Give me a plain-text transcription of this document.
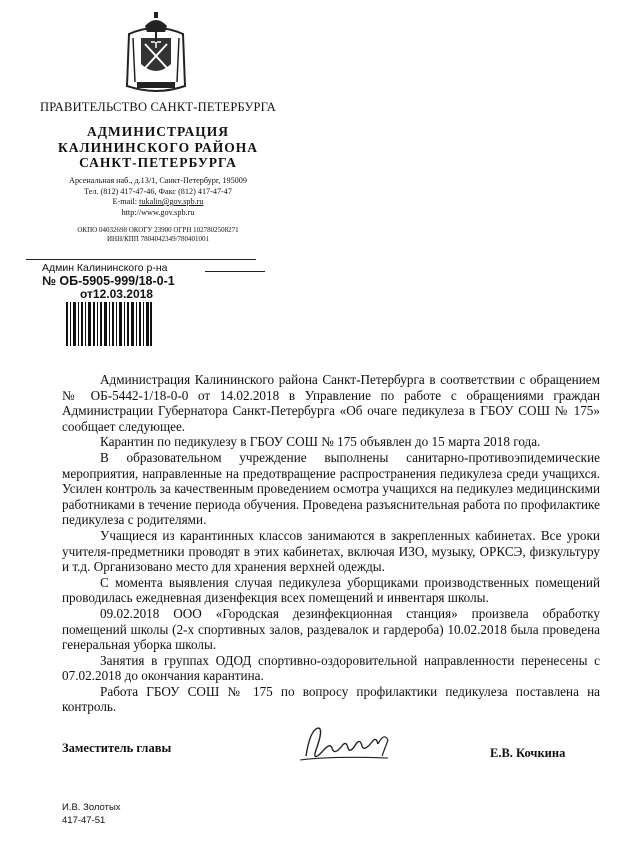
ПРАВИТЕЛЬСТВО САНКТ-ПЕТЕРБУРГА
АДМИНИСТРАЦИЯ
КАЛИНИНСКОГО РАЙОНА
САНКТ-ПЕТЕРБУРГА
Арсенальная наб., д.13/1, Санкт-Петербург, 195009
Тел. (812) 417-47-46, Факс (812) 417-47-47
E-mail: tukalin@gov.spb.ru
http://www.gov.spb.ru
ОКПО 04032698 ОКОГУ 23900 ОГРН 1027802508271
ИНН/КПП 7804042349/780401001
Админ Калининского р-на
№ ОБ-5905-999/18-0-1
от12.03.2018

Администрация Калининского района Санкт-Петербурга в соответствии с обращением № ОБ-5442-1/18-0-0 от 14.02.2018 в Управление по работе с обращениями граждан Администрации Губернатора Санкт-Петербурга «Об очаге педикулеза в ГБОУ СОШ № 175» сообщает следующее.

Карантин по педикулезу в ГБОУ СОШ № 175 объявлен до 15 марта 2018 года.

В образовательном учреждение выполнены санитарно-противоэпидемические мероприятия, направленные на предотвращение распространения педикулеза среди учащихся. Усилен контроль за качественным проведением осмотра учащихся на педикулез медицинскими работниками в течение периода обучения. Проведена разъяснительная работа по профилактике педикулеза с родителями.

Учащиеся из карантинных классов занимаются в закрепленных кабинетах. Все уроки учителя-предметники проводят в этих кабинетах, включая ИЗО, музыку, ОРКСЭ, физкультуру и т.д. Организовано место для хранения верхней одежды.

С момента выявления случая педикулеза уборщиками производственных помещений проводилась ежедневная дизенфекция всех помещений и инвентаря школы.

09.02.2018 ООО «Городская дезинфекционная станция» произвела обработку помещений школы (2-х спортивных залов, раздевалок и гардероба) 10.02.2018 была проведена генеральная уборка школы.

Занятия в группах ОДОД спортивно-оздоровительной направленности перенесены с 07.02.2018 до окончания карантина.

Работа ГБОУ СОШ № 175 по вопросу профилактики педикулеза поставлена на контроль.

Заместитель главы	Е.В. Кочкина
И.В. Золотых
417-47-51
